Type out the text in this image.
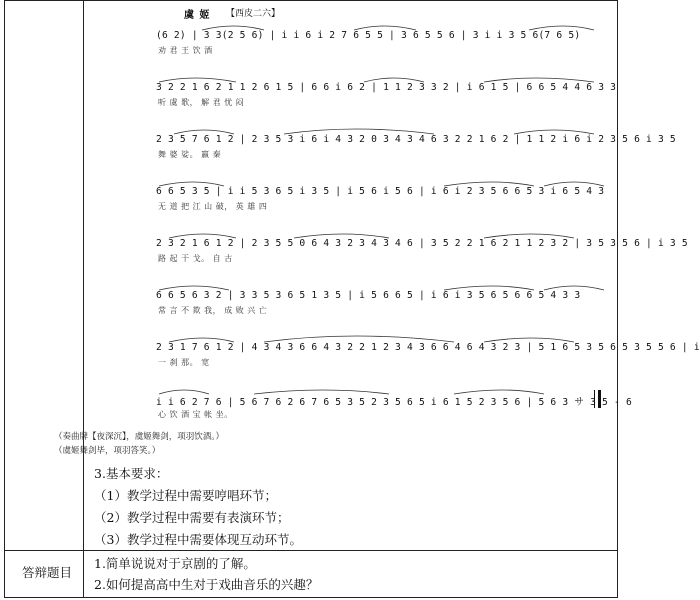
虞 姬 【西皮二六】
(6 2) | 3 3(2 5 6) | i i 6 i 2 7 6 5 5 | 3 6 5 5 6 | 3 i i 3 5 6(7 6 5)
劝 君 王 饮 酒
3 2 2 1 6 2 1 1 2 6 1 5 | 6 6 i 6 2 | 1 1 2 3 3 2 | i 6 1 5 | 6 6 5 4 4 6 3 3
听 虞 歌， 解 君 忧 闷
2 3 5 7 6 1 2 | 2 3 5 3 i 6 i 4 3 2 0 3 4 3 4 6 3 2 2 1 6 2 | 1 1 2 i 6 i 2 3 5 6 i 3 5
舞 婆 娑。 嬴 秦
6 6 5 3 5 | i i 5 3 6 5 i 3 5 | i 5 6 i 5 6 | i 6 i 2 3 5 6 6 5 3 i 6 5 4 3
无 道 把 江 山 破， 英 雄 四
2 3 2 1 6 1 2 | 2 3 5 5 0 6 4 3 2 3 4 3 4 6 | 3 5 2 2 1 6 2 1 1 2 3 2 | 3 5 3 5 6 | i 3 5
路 起 干 戈。 自 古
6 6 5 6 3 2 | 3 3 5 3 6 5 1 3 5 | i 5 6 6 5 | i 6 i 3 5 6 5 6 6 5 4 3 3
常 言 不 欺 我， 成 败 兴 亡
2 3 1 7 6 1 2 | 4 3 4 3 6 6 4 3 2 2 1 2 3 4 3 6 6 4 6 4 3 2 3 | 5 1 6 5 3 5 6 5 3 5 5 6 | i
一 刹 那。 宽
i i 6 2 7 6 | 5 6 7 6 2 6 7 6 5 3 5 2 3 5 6 5 i 6 1 5 2 3 5 6 | 5 6 3 サ 3 5 - 6
心 饮 酒 宝 帐 坐。
（奏曲牌【夜深沉】，虞姬舞剑，项羽饮酒。）
（虞姬舞剑毕，项羽答笑。）
3.基本要求：
（1）教学过程中需要哼唱环节；
（2）教学过程中需要有表演环节；
（3）教学过程中需要体现互动环节。
答辩题目
1.简单说说对于京剧的了解。
2.如何提高高中生对于戏曲音乐的兴趣？
